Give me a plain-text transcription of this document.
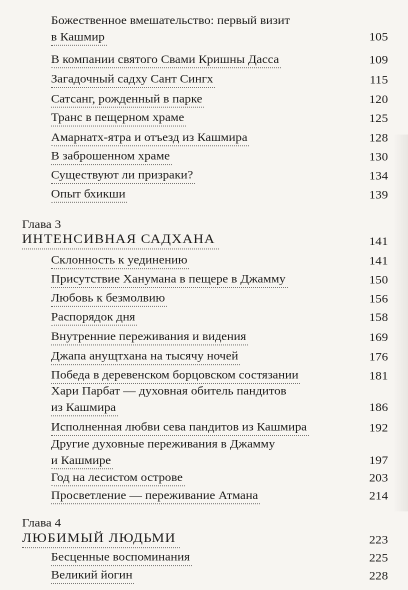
Божественное вмешательство: первый визит
в Кашмир	105
В компании святого Свами Кришны Дасса	109
Загадочный садху Сант Сингх	115
Сатсанг, рожденный в парке	120
Транс в пещерном храме	125
Амарнатх-ятра и отъезд из Кашмира	128
В заброшенном храме	130
Существуют ли призраки?	134
Опыт бхикши	139
Глава 3
ИНТЕНСИВНАЯ САДХАНА	141
Склонность к уединению	141
Присутствие Ханумана в пещере в Джамму	150
Любовь к безмолвию	156
Распорядок дня	158
Внутренние переживания и видения	169
Джапа анущтхана на тысячу ночей	176
Победа в деревенском борцовском состязании	181
Хари Парбат — духовная обитель пандитов
из Кашмира	186
Исполненная любви сева пандитов из Кашмира	192
Другие духовные переживания в Джамму
и Кашмире	197
Год на лесистом острове	203
Просветление — переживание Атмана	214
Глава 4
ЛЮБИМЫЙ ЛЮДЬМИ	223
Бесценные воспоминания	225
Великий йогин	228
